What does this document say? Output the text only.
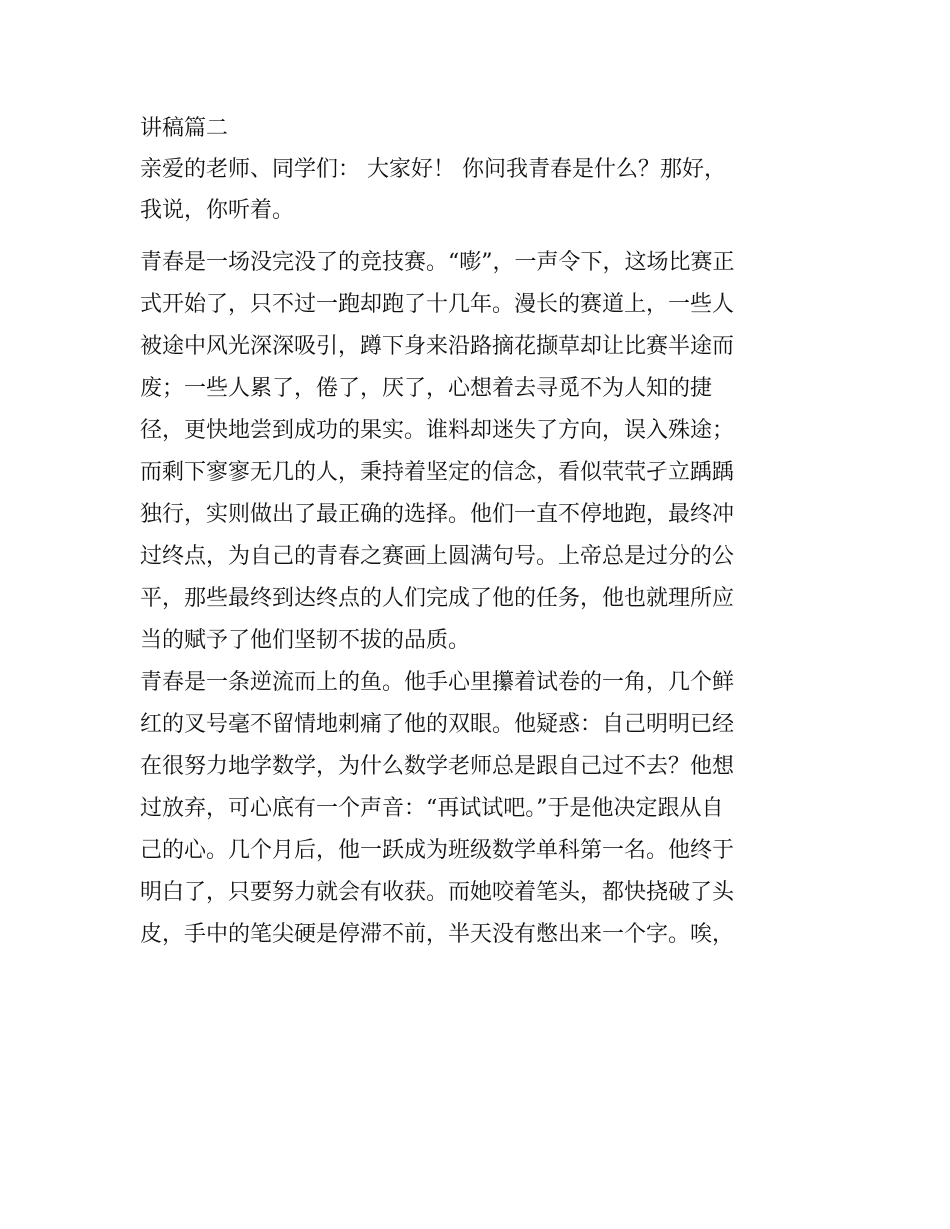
讲稿篇二
亲爱的老师、同学们： 大家好！ 你问我青春是什么？那好，
我说，你听着。
青春是一场没完没了的竞技赛。“嘭”，一声令下，这场比赛正
式开始了，只不过一跑却跑了十几年。漫长的赛道上，一些人
被途中风光深深吸引，蹲下身来沿路摘花撷草却让比赛半途而
废；一些人累了，倦了，厌了，心想着去寻觅不为人知的捷
径，更快地尝到成功的果实。谁料却迷失了方向，误入殊途；
而剩下寥寥无几的人，秉持着坚定的信念，看似茕茕孑立踽踽
独行，实则做出了最正确的选择。他们一直不停地跑，最终冲
过终点，为自己的青春之赛画上圆满句号。上帝总是过分的公
平，那些最终到达终点的人们完成了他的任务，他也就理所应
当的赋予了他们坚韧不拔的品质。
青春是一条逆流而上的鱼。他手心里攥着试卷的一角，几个鲜
红的叉号毫不留情地刺痛了他的双眼。他疑惑：自己明明已经
在很努力地学数学，为什么数学老师总是跟自己过不去？他想
过放弃，可心底有一个声音：“再试试吧。”于是他决定跟从自
己的心。几个月后，他一跃成为班级数学单科第一名。他终于
明白了，只要努力就会有收获。而她咬着笔头，都快挠破了头
皮，手中的笔尖硬是停滞不前，半天没有憋出来一个字。唉，
